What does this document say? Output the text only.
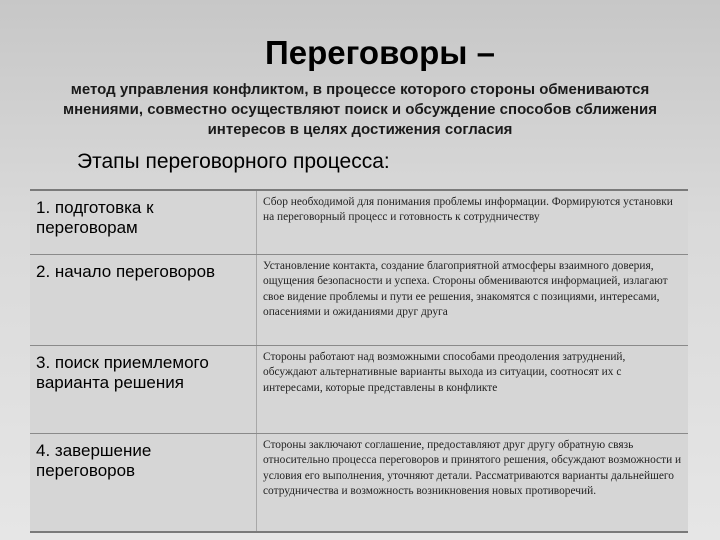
Переговоры –
метод управления конфликтом, в процессе которого стороны обмениваются
мнениями, совместно осуществляют поиск и обсуждение способов сближения
интересов в целях достижения согласия
Этапы переговорного процесса:
1. подготовка к переговорам	Сбор необходимой для понимания проблемы информации. Формируются установки на переговорный процесс и готовность к сотрудничеству
2. начало переговоров	Установление контакта, создание благоприятной атмосферы взаимного доверия, ощущения безопасности и успеха. Стороны обмениваются информацией, излагают свое видение проблемы и пути ее решения, знакомятся с позициями, интересами, опасениями и ожиданиями друг друга
3. поиск приемлемого варианта решения	Стороны работают над возможными способами преодоления затруднений, обсуждают альтернативные варианты выхода из ситуации, соотносят их с интересами, которые представлены в конфликте
4. завершение переговоров	Стороны заключают соглашение, предоставляют друг другу обратную связь относительно процесса переговоров и принятого решения, обсуждают возможности и условия его выполнения, уточняют детали. Рассматриваются варианты дальнейшего сотрудничества и возможность возникновения новых противоречий.
